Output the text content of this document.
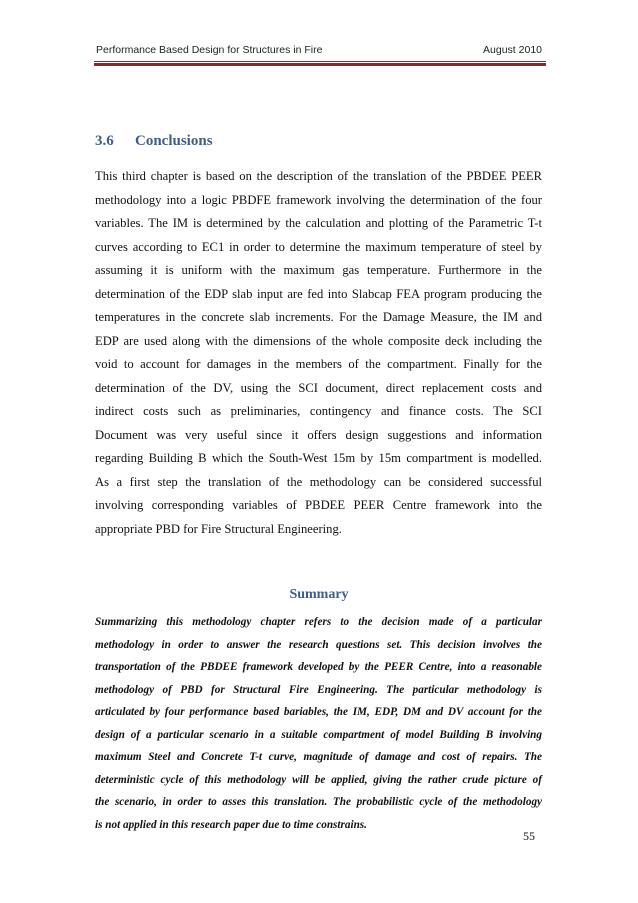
Performance Based Design for Structures in Fire	August 2010
3.6 Conclusions
This third chapter is based on the description of the translation of the PBDEE PEER
methodology into a logic PBDFE framework involving the determination of the four
variables. The IM is determined by the calculation and plotting of the Parametric T-t
curves according to EC1 in order to determine the maximum temperature of steel by
assuming it is uniform with the maximum gas temperature. Furthermore in the
determination of the EDP slab input are fed into Slabcap FEA program producing the
temperatures in the concrete slab increments. For the Damage Measure, the IM and
EDP are used along with the dimensions of the whole composite deck including the
void to account for damages in the members of the compartment. Finally for the
determination of the DV, using the SCI document, direct replacement costs and
indirect costs such as preliminaries, contingency and finance costs. The SCI
Document was very useful since it offers design suggestions and information
regarding Building B which the South-West 15m by 15m compartment is modelled.
As a first step the translation of the methodology can be considered successful
involving corresponding variables of PBDEE PEER Centre framework into the
appropriate PBD for Fire Structural Engineering.
Summary
Summarizing this methodology chapter refers to the decision made of a particular
methodology in order to answer the research questions set. This decision involves the
transportation of the PBDEE framework developed by the PEER Centre, into a reasonable
methodology of PBD for Structural Fire Engineering. The particular methodology is
articulated by four performance based bariables, the IM, EDP, DM and DV account for the
design of a particular scenario in a suitable compartment of model Building B involving
maximum Steel and Concrete T-t curve, magnitude of damage and cost of repairs. The
deterministic cycle of this methodology will be applied, giving the rather crude picture of
the scenario, in order to asses this translation. The probabilistic cycle of the methodology
is not applied in this research paper due to time constrains.
55
